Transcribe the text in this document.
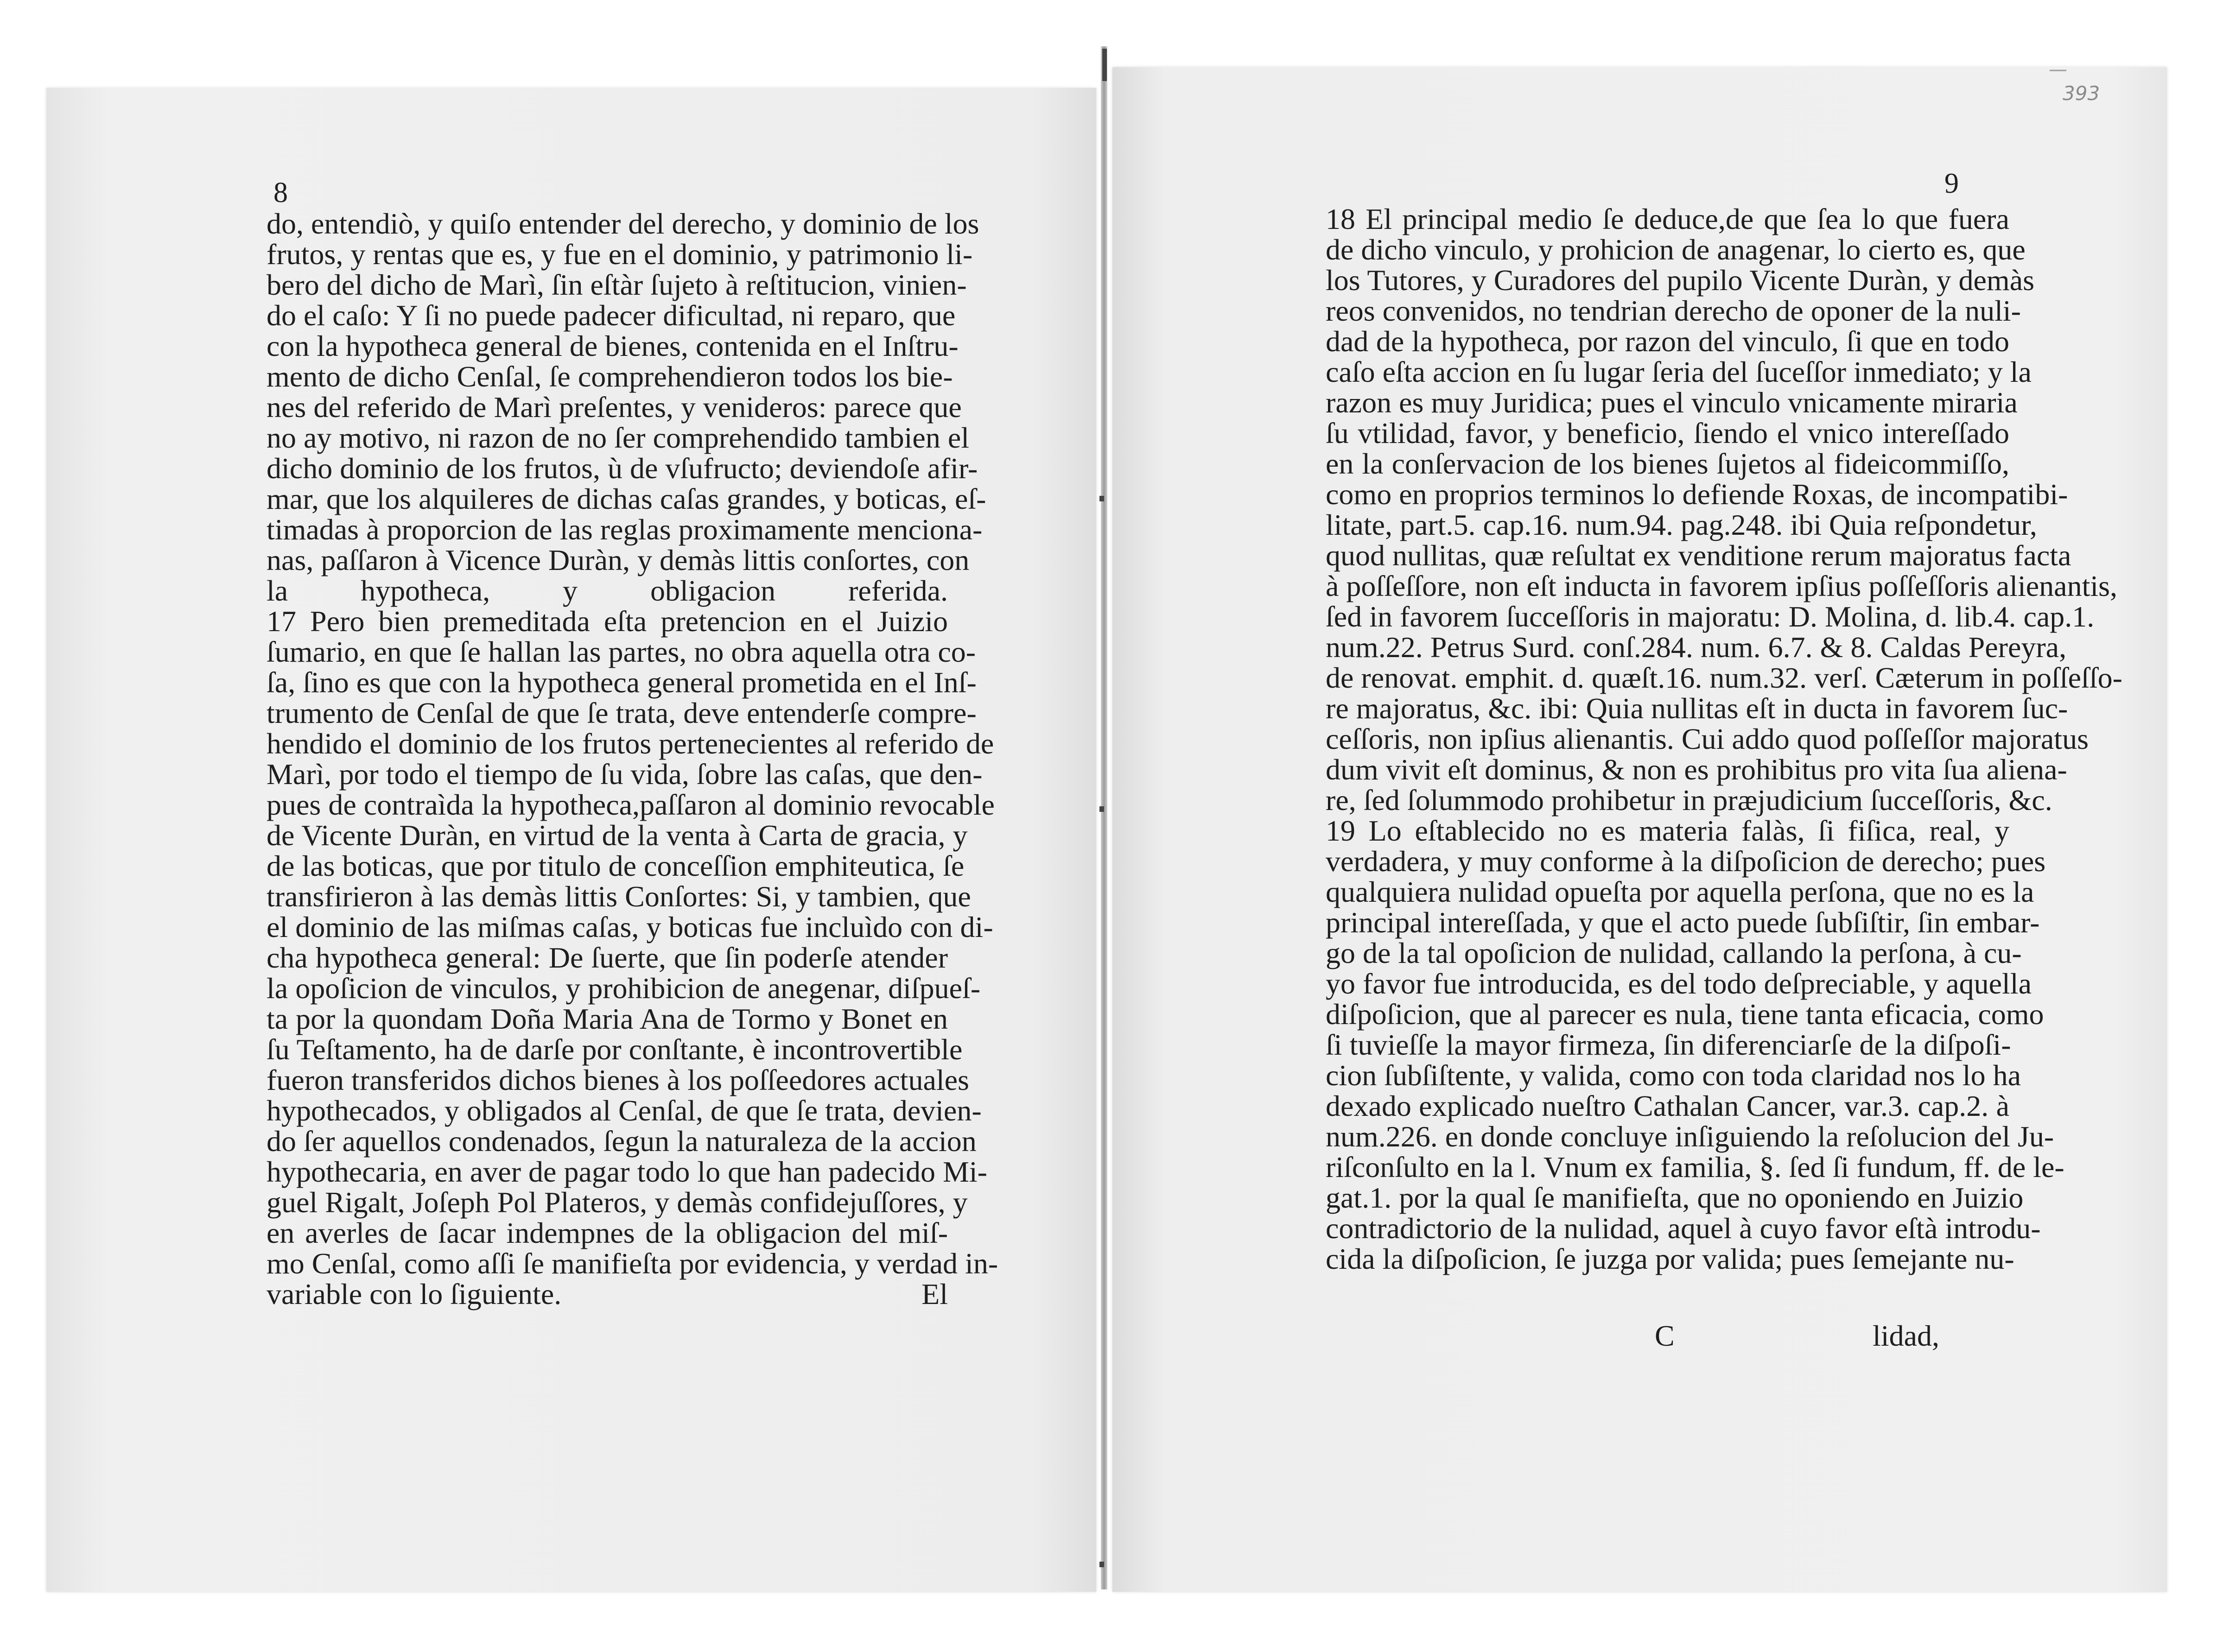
—
393
8
do, entendiò, y quiſo entender del derecho, y dominio de los
frutos, y rentas que es, y fue en el dominio, y patrimonio li-
bero del dicho de Marì, ſin eſtàr ſujeto à reſtitucion, vinien-
do el caſo: Y ſi no puede padecer dificultad, ni reparo, que
con la hypotheca general de bienes, contenida en el Inſtru-
mento de dicho Cenſal, ſe comprehendieron todos los bie-
nes del referido de Marì preſentes, y venideros: parece que
no ay motivo, ni razon de no ſer comprehendido tambien el
dicho dominio de los frutos, ù de vſufructo; deviendoſe afir-
mar, que los alquileres de dichas caſas grandes, y boticas, eſ-
timadas à proporcion de las reglas proximamente menciona-
nas, paſſaron à Vicence Duràn, y demàs littis conſortes, con
la hypotheca, y obligacion referida.
17 Pero bien premeditada eſta pretencion en el Juizio
ſumario, en que ſe hallan las partes, no obra aquella otra co-
ſa, ſino es que con la hypotheca general prometida en el Inſ-
trumento de Cenſal de que ſe trata, deve entenderſe compre-
hendido el dominio de los frutos pertenecientes al referido de
Marì, por todo el tiempo de ſu vida, ſobre las caſas, que den-
pues de contraìda la hypotheca,paſſaron al dominio revocable
de Vicente Duràn, en virtud de la venta à Carta de gracia, y
de las boticas, que por titulo de conceſſion emphiteutica, ſe
transfirieron à las demàs littis Conſortes: Si, y tambien, que
el dominio de las miſmas caſas, y boticas fue incluìdo con di-
cha hypotheca general: De ſuerte, que ſin poderſe atender
la opoſicion de vinculos, y prohibicion de anegenar, diſpueſ-
ta por la quondam Doña Maria Ana de Tormo y Bonet en
ſu Teſtamento, ha de darſe por conſtante, è incontrovertible
fueron transferidos dichos bienes à los poſſeedores actuales
hypothecados, y obligados al Cenſal, de que ſe trata, devien-
do ſer aquellos condenados, ſegun la naturaleza de la accion
hypothecaria, en aver de pagar todo lo que han padecido Mi-
guel Rigalt, Joſeph Pol Plateros, y demàs confidejuſſores, y
en averles de ſacar indempnes de la obligacion del miſ-
mo Cenſal, como aſſi ſe manifieſta por evidencia, y verdad in-
variable con lo ſiguiente.	El
9
18 El principal medio ſe deduce,de que ſea lo que fuera
de dicho vinculo, y prohicion de anagenar, lo cierto es, que
los Tutores, y Curadores del pupilo Vicente Duràn, y demàs
reos convenidos, no tendrian derecho de oponer de la nuli-
dad de la hypotheca, por razon del vinculo, ſi que en todo
caſo eſta accion en ſu lugar ſeria del ſuceſſor inmediato; y la
razon es muy Juridica; pues el vinculo vnicamente miraria
ſu vtilidad, favor, y beneficio, ſiendo el vnico intereſſado
en la conſervacion de los bienes ſujetos al fideicommiſſo,
como en proprios terminos lo defiende Roxas, de incompatibi-
litate, part.5. cap.16. num.94. pag.248. ibi Quia reſpondetur,
quod nullitas, quæ reſultat ex venditione rerum majoratus facta
à poſſeſſore, non eſt inducta in favorem ipſius poſſeſſoris alienantis,
ſed in favorem ſucceſſoris in majoratu: D. Molina, d. lib.4. cap.1.
num.22. Petrus Surd. conſ.284. num. 6.7. & 8. Caldas Pereyra,
de renovat. emphit. d. quæſt.16. num.32. verſ. Cæterum in poſſeſſo-
re majoratus, &c. ibi: Quia nullitas eſt in ducta in favorem ſuc-
ceſſoris, non ipſius alienantis. Cui addo quod poſſeſſor majoratus
dum vivit eſt dominus, & non es prohibitus pro vita ſua aliena-
re, ſed ſolummodo prohibetur in præjudicium ſucceſſoris, &c.
19 Lo eſtablecido no es materia falàs, ſi fiſica, real, y
verdadera, y muy conforme à la diſpoſicion de derecho; pues
qualquiera nulidad opueſta por aquella perſona, que no es la
principal intereſſada, y que el acto puede ſubſiſtir, ſin embar-
go de la tal opoſicion de nulidad, callando la perſona, à cu-
yo favor fue introducida, es del todo deſpreciable, y aquella
diſpoſicion, que al parecer es nula, tiene tanta eficacia, como
ſi tuvieſſe la mayor firmeza, ſin diferenciarſe de la diſpoſi-
cion ſubſiſtente, y valida, como con toda claridad nos lo ha
dexado explicado nueſtro Cathalan Cancer, var.3. cap.2. à
num.226. en donde concluye inſiguiendo la reſolucion del Ju-
riſconſulto en la l. Vnum ex familia, §. ſed ſi fundum, ff. de le-
gat.1. por la qual ſe manifieſta, que no oponiendo en Juizio
contradictorio de la nulidad, aquel à cuyo favor eſtà introdu-
cida la diſpoſicion, ſe juzga por valida; pues ſemejante nu-
C	lidad,
